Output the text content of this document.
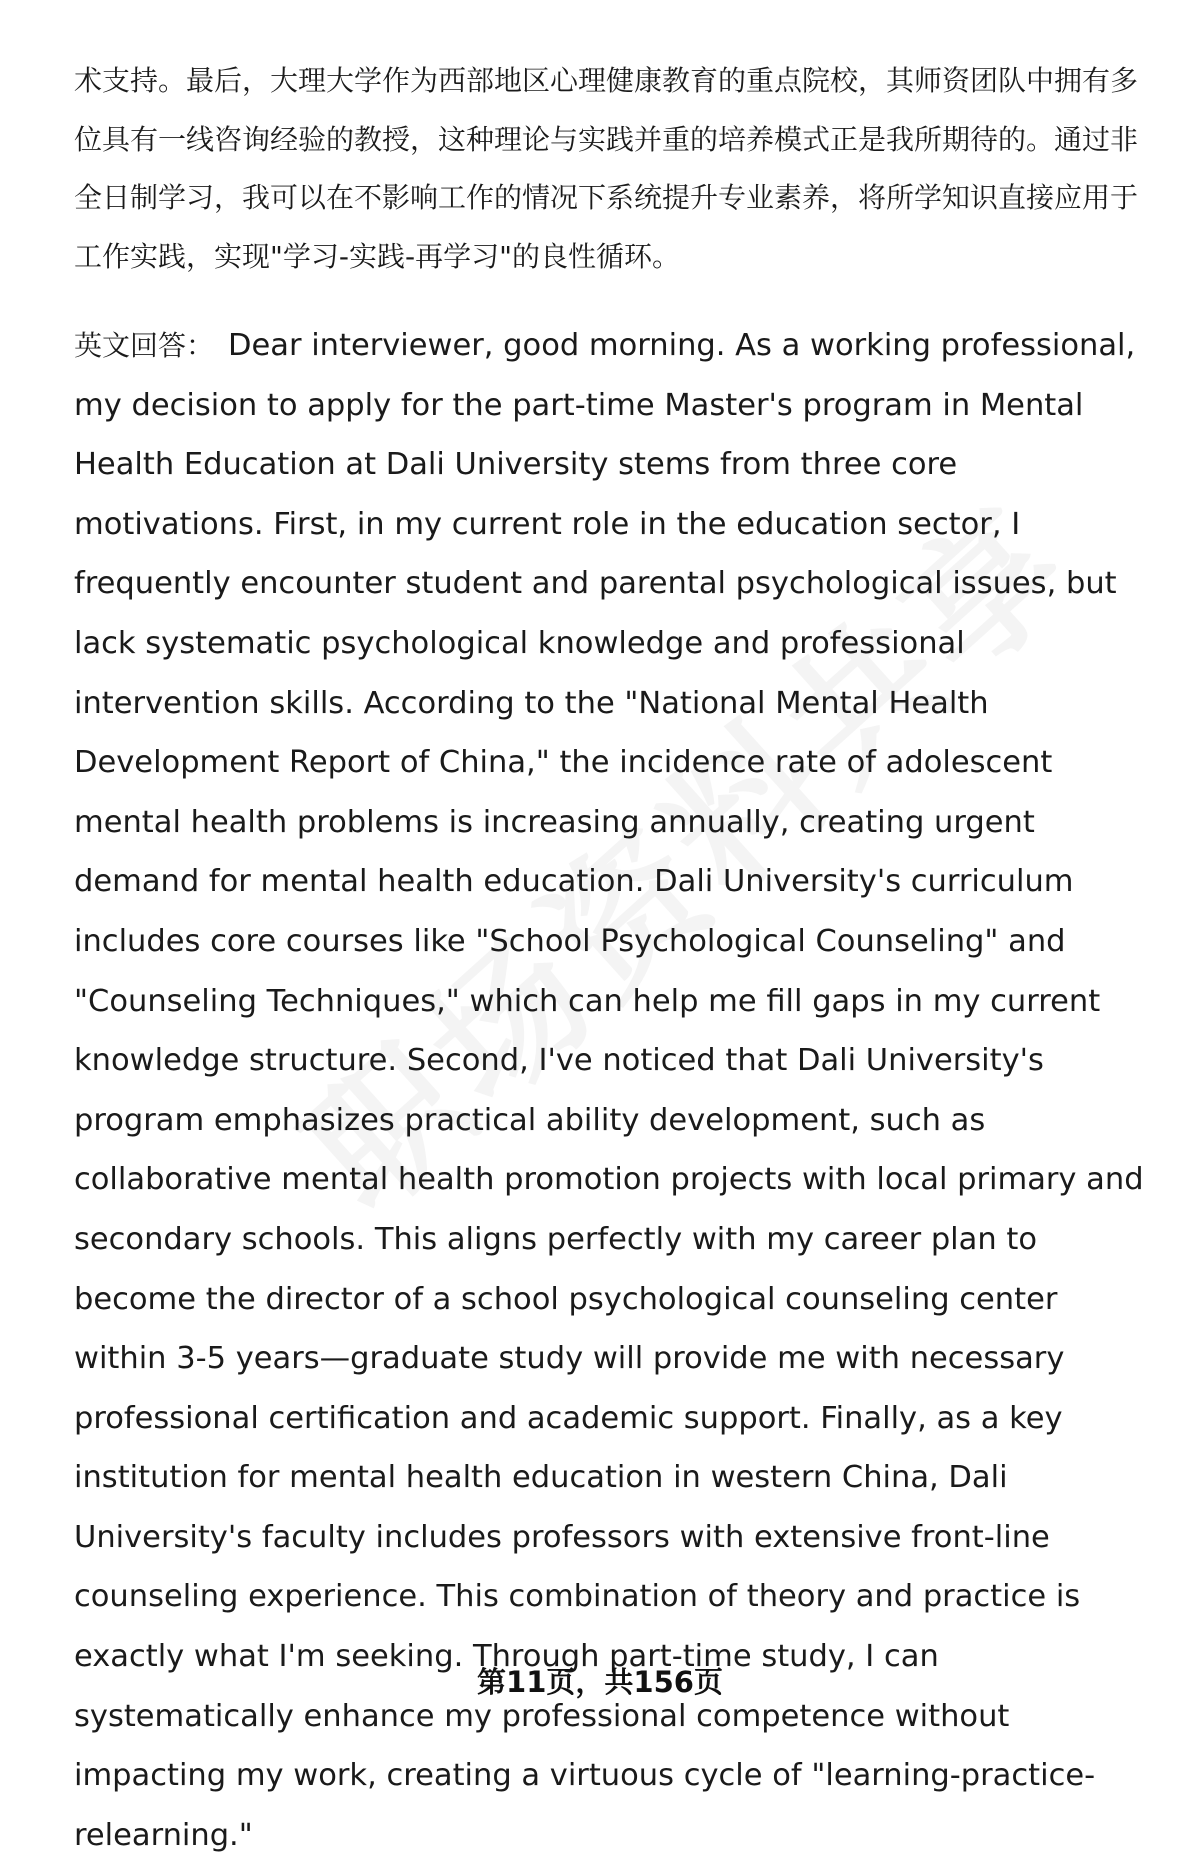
术支持。最后，大理大学作为西部地区心理健康教育的重点院校，其师资团队中拥有多位具有一线咨询经验的教授，这种理论与实践并重的培养模式正是我所期待的。通过非全日制学习，我可以在不影响工作的情况下系统提升专业素养，将所学知识直接应用于工作实践，实现"学习-实践-再学习"的良性循环。
英文回答： Dear interviewer, good morning. As a working professional, my decision to apply for the part-time Master's program in Mental Health Education at Dali University stems from three core motivations. First, in my current role in the education sector, I frequently encounter student and parental psychological issues, but lack systematic psychological knowledge and professional intervention skills. According to the "National Mental Health Development Report of China," the incidence rate of adolescent mental health problems is increasing annually, creating urgent demand for mental health education. Dali University's curriculum includes core courses like "School Psychological Counseling" and "Counseling Techniques," which can help me fill gaps in my current knowledge structure. Second, I've noticed that Dali University's program emphasizes practical ability development, such as collaborative mental health promotion projects with local primary and secondary schools. This aligns perfectly with my career plan to become the director of a school psychological counseling center within 3-5 years—graduate study will provide me with necessary professional certification and academic support. Finally, as a key institution for mental health education in western China, Dali University's faculty includes professors with extensive front-line counseling experience. This combination of theory and practice is exactly what I'm seeking. Through part-time study, I can systematically enhance my professional competence without impacting my work, creating a virtuous cycle of "learning-practice-relearning."
第11页，共156页
